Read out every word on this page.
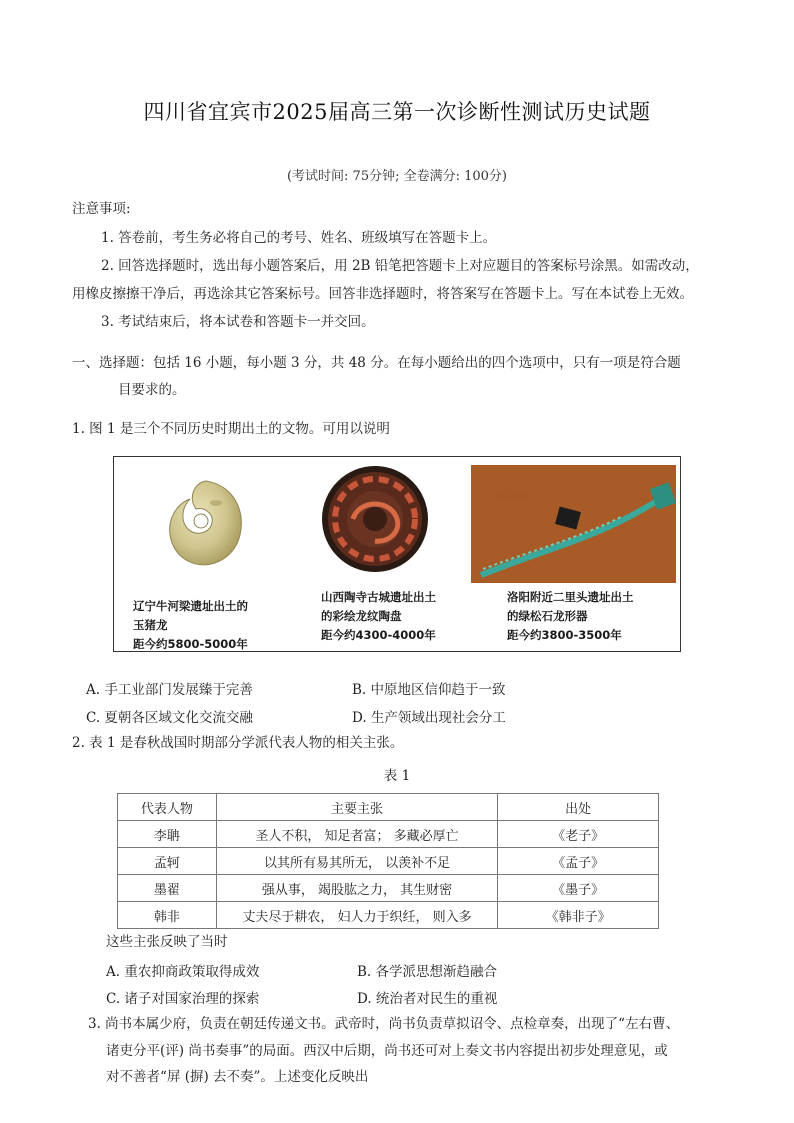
四川省宜宾市2025届高三第一次诊断性测试历史试题
(考试时间: 75分钟; 全卷满分: 100分)
注意事项:
1. 答卷前，考生务必将自己的考号、姓名、班级填写在答题卡上。
2. 回答选择题时，选出每小题答案后，用 2B 铅笔把答题卡上对应题目的答案标号涂黑。如需改动，
用橡皮擦擦干净后，再选涂其它答案标号。回答非选择题时，将答案写在答题卡上。写在本试卷上无效。
3. 考试结束后，将本试卷和答题卡一并交回。
一、选择题：包括 16 小题，每小题 3 分，共 48 分。在每小题给出的四个选项中，只有一项是符合题
目要求的。
1. 图 1 是三个不同历史时期出土的文物。可用以说明
辽宁牛河梁遗址出土的
玉猪龙
距今约5800-5000年
山西陶寺古城遗址出土
的彩绘龙纹陶盘
距今约4300-4000年
洛阳附近二里头遗址出土
的绿松石龙形器
距今约3800-3500年
A. 手工业部门发展臻于完善	B. 中原地区信仰趋于一致
C. 夏朝各区域文化交流交融	D. 生产领域出现社会分工
2. 表 1 是春秋战国时期部分学派代表人物的相关主张。
表 1
代表人物	主要主张	出处
李聃	圣人不积， 知足者富； 多藏必厚亡	《老子》
孟轲	以其所有易其所无， 以羡补不足	《孟子》
墨翟	强从事， 竭股肱之力， 其生财密	《墨子》
韩非	丈夫尽于耕农， 妇人力于织纴， 则入多	《韩非子》
这些主张反映了当时
A. 重农抑商政策取得成效	B. 各学派思想渐趋融合
C. 诸子对国家治理的探索	D. 统治者对民生的重视
3. 尚书本属少府，负责在朝廷传递文书。武帝时，尚书负责草拟诏令、点检章奏，出现了“左右曹、
诸吏分平(评) 尚书奏事”的局面。西汉中后期，尚书还可对上奏文书内容提出初步处理意见，或
对不善者“屏 (摒) 去不奏”。上述变化反映出
